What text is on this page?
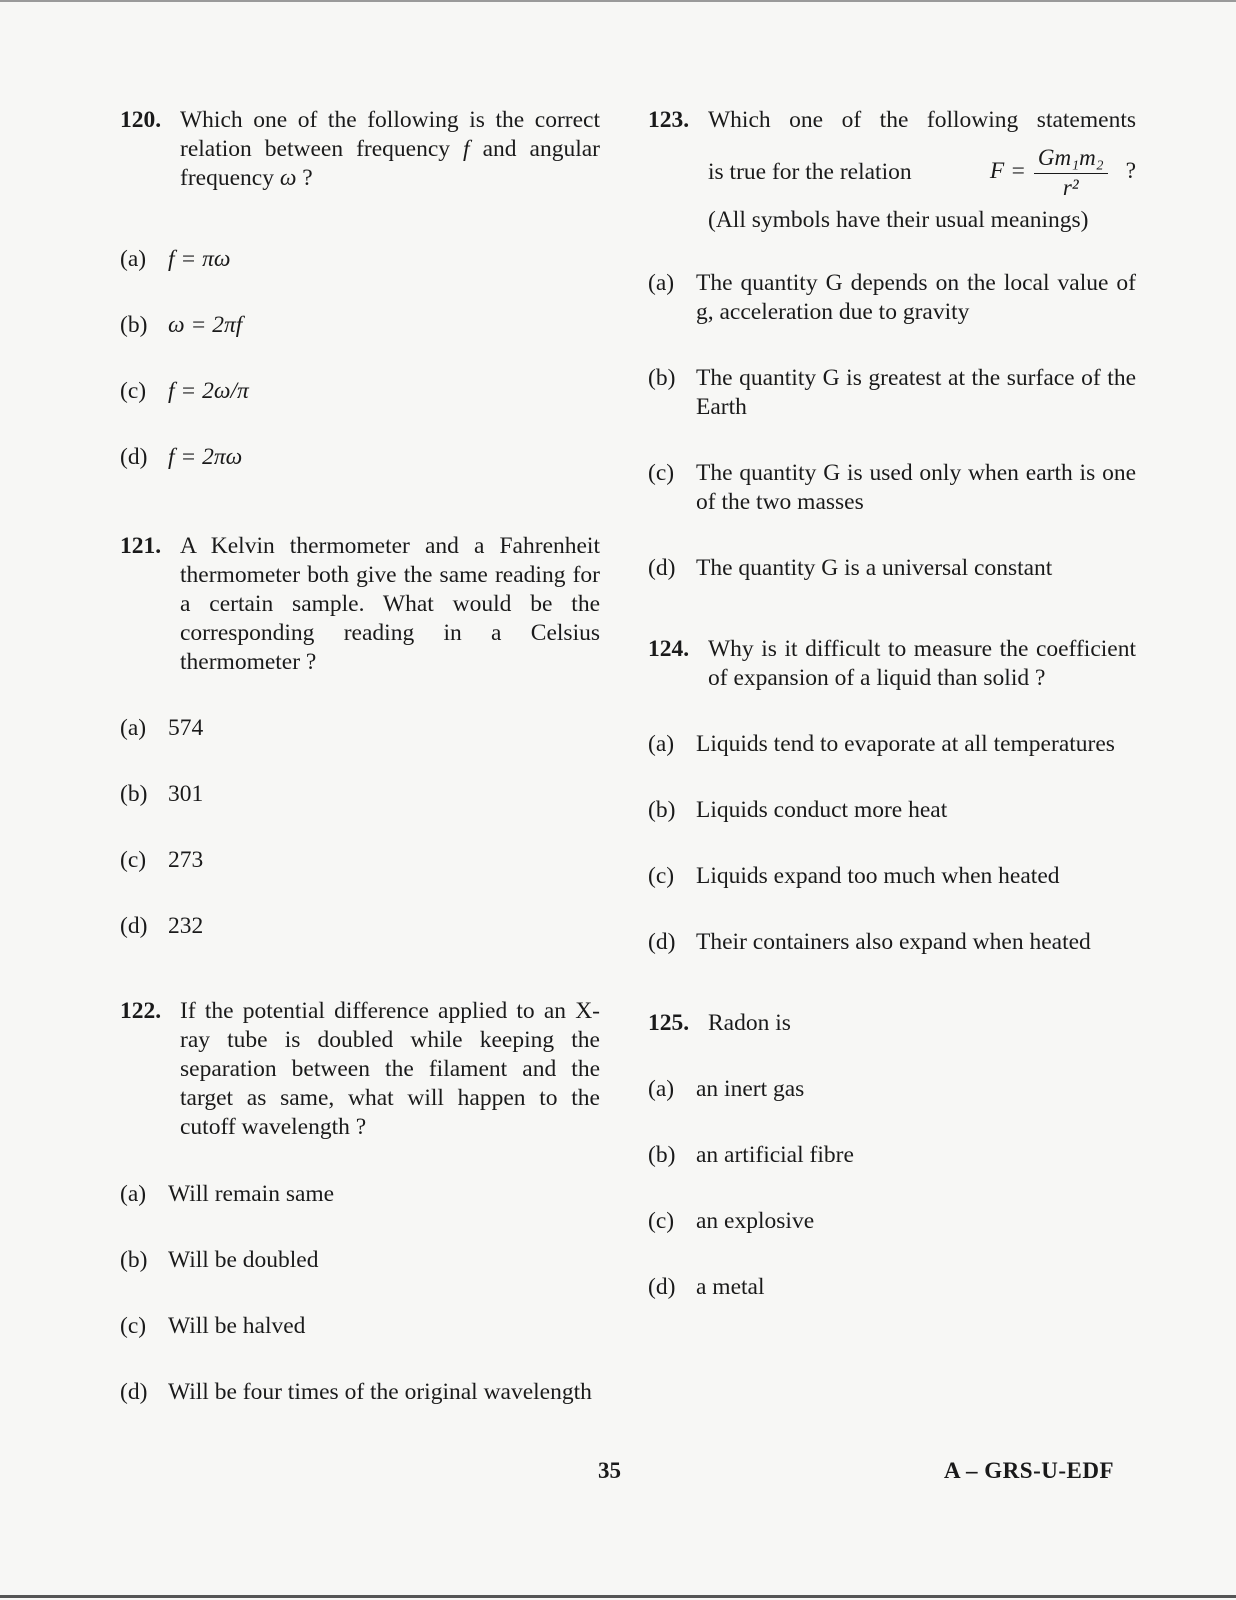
120. Which one of the following is the correct relation between frequency f and angular frequency ω ?
(a) f = πω
(b) ω = 2πf
(c) f = 2ω/π
(d) f = 2πω
121. A Kelvin thermometer and a Fahrenheit thermometer both give the same reading for a certain sample. What would be the corresponding reading in a Celsius thermometer ?
(a) 574
(b) 301
(c) 273
(d) 232
122. If the potential difference applied to an X-ray tube is doubled while keeping the separation between the filament and the target as same, what will happen to the cutoff wavelength ?
(a) Will remain same
(b) Will be doubled
(c) Will be halved
(d) Will be four times of the original wavelength
123. Which one of the following statements
is true for the relation	$F = \frac{\text{Gm₁m₂}}{\text{r²}}$ ?
(All symbols have their usual meanings)
(a) The quantity G depends on the local value of g, acceleration due to gravity
(b) The quantity G is greatest at the surface of the Earth
(c) The quantity G is used only when earth is one of the two masses
(d) The quantity G is a universal constant
124. Why is it difficult to measure the coefficient of expansion of a liquid than solid ?
(a) Liquids tend to evaporate at all temperatures
(b) Liquids conduct more heat
(c) Liquids expand too much when heated
(d) Their containers also expand when heated
125. Radon is
(a) an inert gas
(b) an artificial fibre
(c) an explosive
(d) a metal
35	A – GRS-U-EDF
